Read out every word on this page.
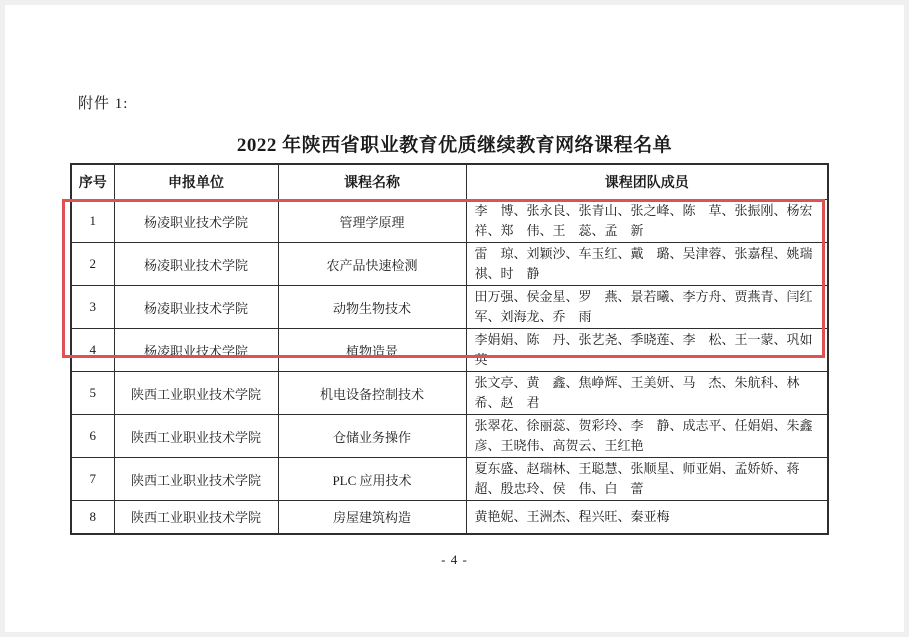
附件 1:
2022 年陕西省职业教育优质继续教育网络课程名单
序号	申报单位	课程名称	课程团队成员
1	杨凌职业技术学院	管理学原理	李　博、张永良、张青山、张之峰、陈　草、张振刚、杨宏祥、郑　伟、王　蕊、孟　新
2	杨凌职业技术学院	农产品快速检测	雷　琼、刘颖沙、车玉红、戴　璐、吴津蓉、张嘉程、姚瑞祺、时　静
3	杨凌职业技术学院	动物生物技术	田万强、侯金星、罗　燕、景若曦、李方舟、贾燕青、闫红军、刘海龙、乔　雨
4	杨凌职业技术学院	植物造景	李娟娟、陈　丹、张艺尧、季晓莲、李　松、王一蒙、巩如英
5	陕西工业职业技术学院	机电设备控制技术	张文亭、黄　鑫、焦峥辉、王美妍、马　杰、朱航科、林　希、赵　君
6	陕西工业职业技术学院	仓储业务操作	张翠花、徐丽蕊、贺彩玲、李　静、成志平、任娟娟、朱鑫彦、王晓伟、高贺云、王红艳
7	陕西工业职业技术学院	PLC 应用技术	夏东盛、赵瑞林、王聪慧、张顺星、师亚娟、孟娇娇、蒋　超、殷忠玲、侯　伟、白　蕾
8	陕西工业职业技术学院	房屋建筑构造	黄艳妮、王洲杰、程兴旺、秦亚梅
- 4 -
